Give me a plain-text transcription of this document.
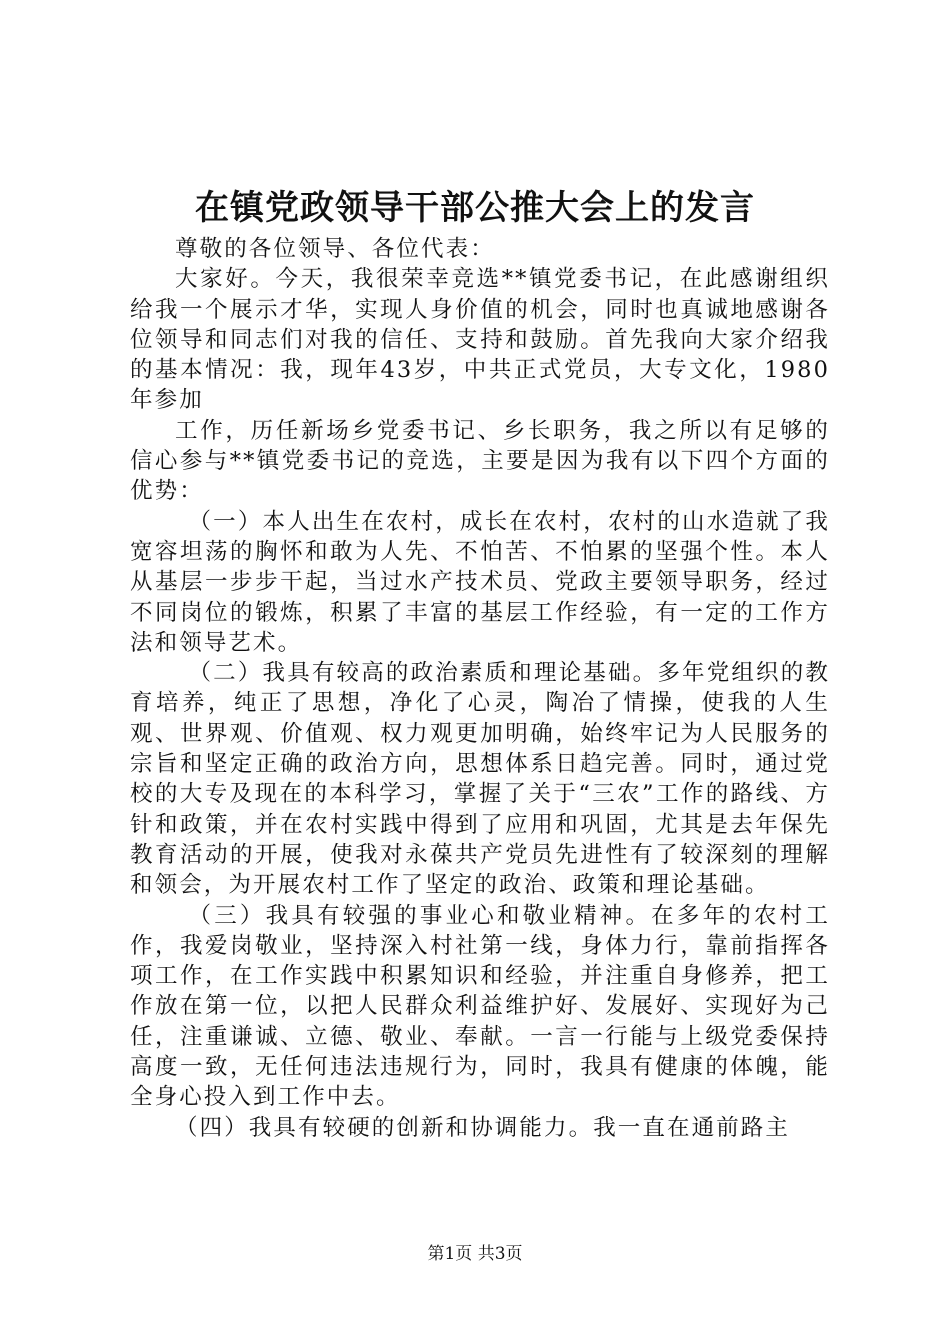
在镇党政领导干部公推大会上的发言

尊敬的各位领导、各位代表：

大家好。今天，我很荣幸竞选**镇党委书记，在此感谢组织给我一个展示才华，实现人身价值的机会，同时也真诚地感谢各位领导和同志们对我的信任、支持和鼓励。首先我向大家介绍我的基本情况：我，现年43岁，中共正式党员，大专文化，1980年参加

工作，历任新场乡党委书记、乡长职务，我之所以有足够的信心参与**镇党委书记的竞选，主要是因为我有以下四个方面的优势：

（一）本人出生在农村，成长在农村，农村的山水造就了我宽容坦荡的胸怀和敢为人先、不怕苦、不怕累的坚强个性。本人从基层一步步干起，当过水产技术员、党政主要领导职务，经过不同岗位的锻炼，积累了丰富的基层工作经验，有一定的工作方法和领导艺术。

（二）我具有较高的政治素质和理论基础。多年党组织的教育培养，纯正了思想，净化了心灵，陶冶了情操，使我的人生观、世界观、价值观、权力观更加明确，始终牢记为人民服务的宗旨和坚定正确的政治方向，思想体系日趋完善。同时，通过党校的大专及现在的本科学习，掌握了关于“三农”工作的路线、方针和政策，并在农村实践中得到了应用和巩固，尤其是去年保先教育活动的开展，使我对永葆共产党员先进性有了较深刻的理解和领会，为开展农村工作了坚定的政治、政策和理论基础。

（三）我具有较强的事业心和敬业精神。在多年的农村工作，我爱岗敬业，坚持深入村社第一线，身体力行，靠前指挥各项工作，在工作实践中积累知识和经验，并注重自身修养，把工作放在第一位，以把人民群众利益维护好、发展好、实现好为己任，注重谦诚、立德、敬业、奉献。一言一行能与上级党委保持高度一致，无任何违法违规行为，同时，我具有健康的体魄，能全身心投入到工作中去。

（四）我具有较硬的创新和协调能力。我一直在通前路主

第1页 共3页
